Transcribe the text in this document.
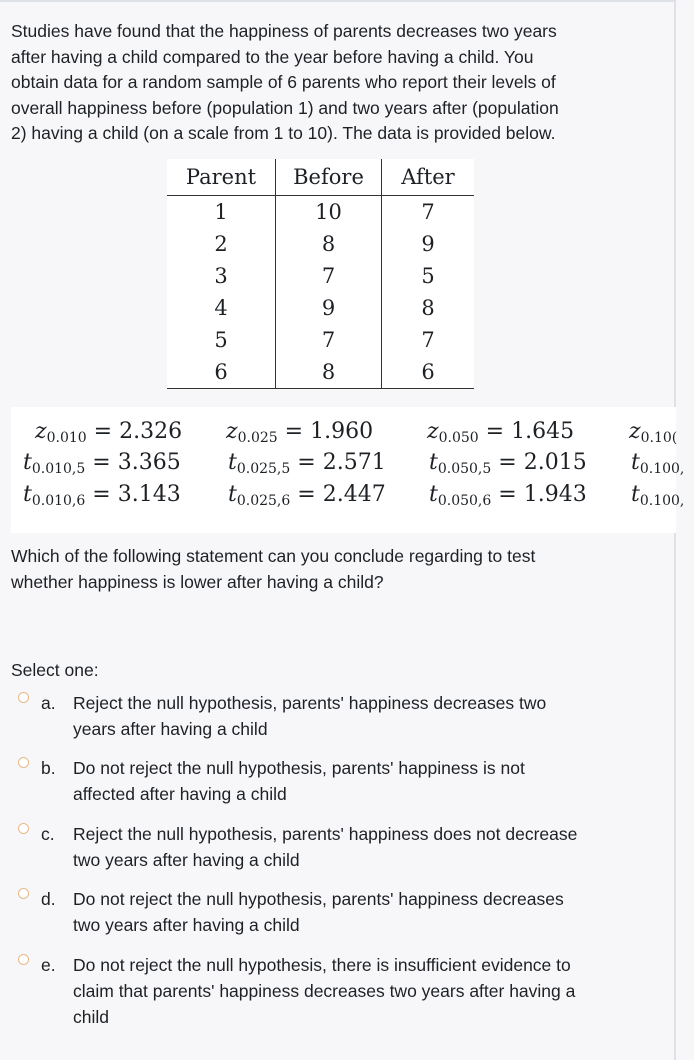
Studies have found that the happiness of parents decreases two years

after having a child compared to the year before having a child. You

obtain data for a random sample of 6 parents who report their levels of

overall happiness before (population 1) and two years after (population

2) having a child (on a scale from 1 to 10). The data is provided below.

Parent	Before	After
1	10	7
2	8	9
3	7	5
4	9	8
5	7	7
6	8	6
$z_{0.010} = 2.326$ $z_{0.025} = 1.960$ $z_{0.050} = 1.645$ $z_{0.10(}$
$t_{0.010,5} = 3.365$ $t_{0.025,5} = 2.571$ $t_{0.050,5} = 2.015$ $t_{0.100,}$
$t_{0.010,6} = 3.143$ $t_{0.025,6} = 2.447$ $t_{0.050,6} = 1.943$ $t_{0.100,}$

Which of the following statement can you conclude regarding to test

whether happiness is lower after having a child?

Select one:
a. Reject the null hypothesis, parents' happiness decreases two
years after having a child
b. Do not reject the null hypothesis, parents' happiness is not
affected after having a child
c. Reject the null hypothesis, parents' happiness does not decrease
two years after having a child
d. Do not reject the null hypothesis, parents' happiness decreases
two years after having a child
e. Do not reject the null hypothesis, there is insufficient evidence to
claim that parents' happiness decreases two years after having a
child
